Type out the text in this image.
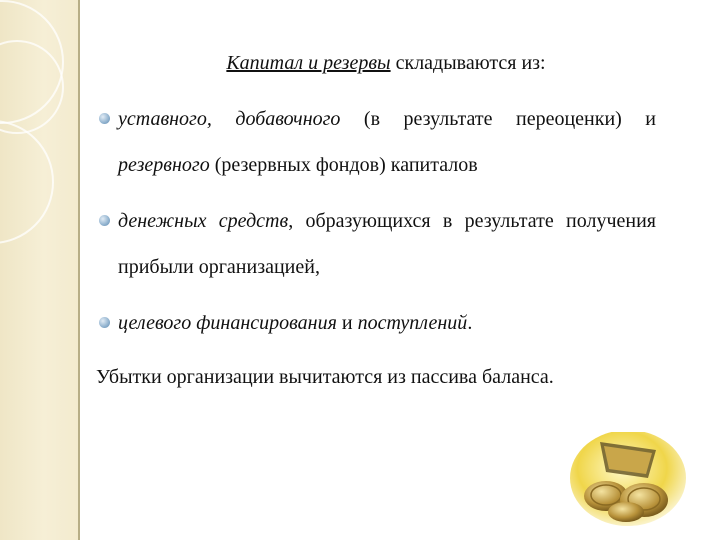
Капитал и резервы складываются из:
уставного, добавочного (в результате переоценки) и резервного (резервных фондов) капиталов
денежных средств, образующихся в результате получения прибыли организацией,
целевого финансирования и поступлений.
Убытки организации вычитаются из пассива баланса.
